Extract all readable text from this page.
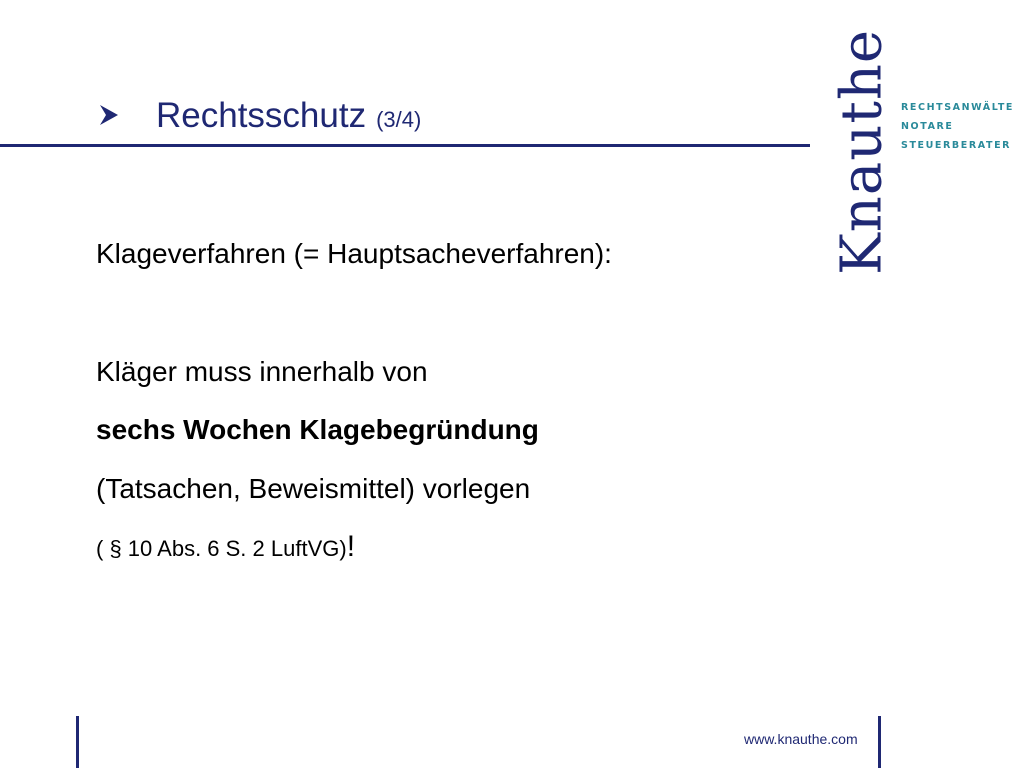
Rechtsschutz (3/4)	Knauthe RECHTSANWÄLTE
NOTARE
STEUERBERATER
Klageverfahren (= Hauptsacheverfahren):
Kläger muss innerhalb von
sechs Wochen Klagebegründung
(Tatsachen, Beweismittel) vorlegen
( § 10 Abs. 6 S. 2 LuftVG)!
www.knauthe.com
